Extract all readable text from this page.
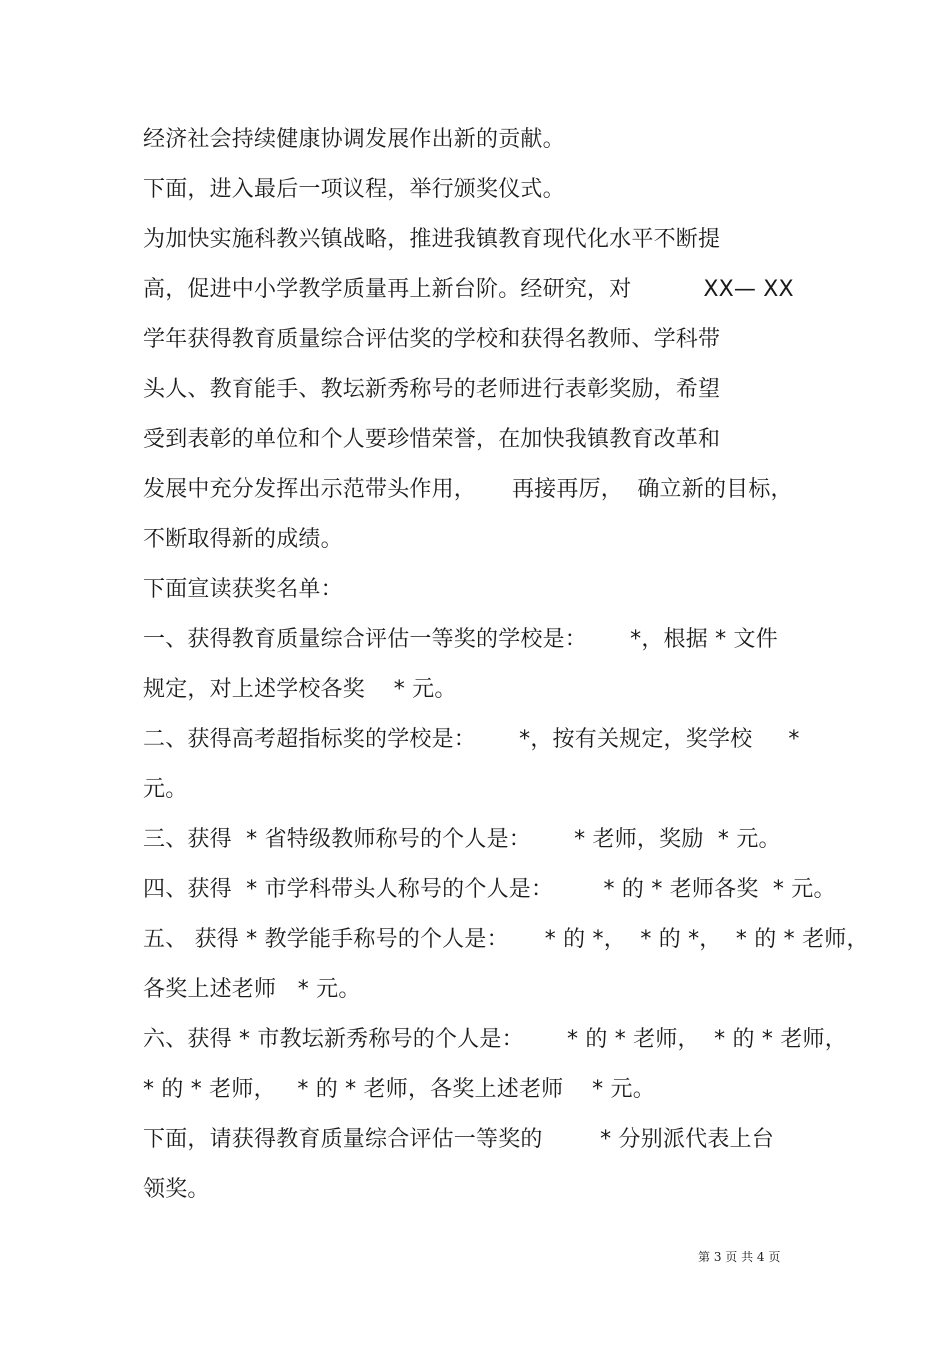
经济社会持续健康协调发展作出新的贡献。
下面，进入最后一项议程，举行颁奖仪式。
为加快实施科教兴镇战略，推进我镇教育现代化水平不断提
高，促进中小学教学质量再上新台阶。经研究，对          XX— XX
学年获得教育质量综合评估奖的学校和获得名教师、学科带
头人、教育能手、教坛新秀称号的老师进行表彰奖励，希望
受到表彰的单位和个人要珍惜荣誉，在加快我镇教育改革和
发展中充分发挥出示范带头作用，     再接再厉，  确立新的目标，
不断取得新的成绩。
下面宣读获奖名单：
一、获得教育质量综合评估一等奖的学校是：      *，根据 * 文件
规定，对上述学校各奖    * 元。
二、获得高考超指标奖的学校是：      *，按有关规定，奖学校     *
元。
三、获得  * 省特级教师称号的个人是：      * 老师，奖励  * 元。
四、获得  * 市学科带头人称号的个人是：       * 的 * 老师各奖  * 元。
五、 获得 * 教学能手称号的个人是：     * 的 *，  * 的 *，  * 的 * 老师，
各奖上述老师   * 元。
六、获得 * 市教坛新秀称号的个人是：      * 的 * 老师，  * 的 * 老师，
* 的 * 老师，   * 的 * 老师，各奖上述老师    * 元。
下面，请获得教育质量综合评估一等奖的        * 分别派代表上台
领奖。
第 3 页 共 4 页
